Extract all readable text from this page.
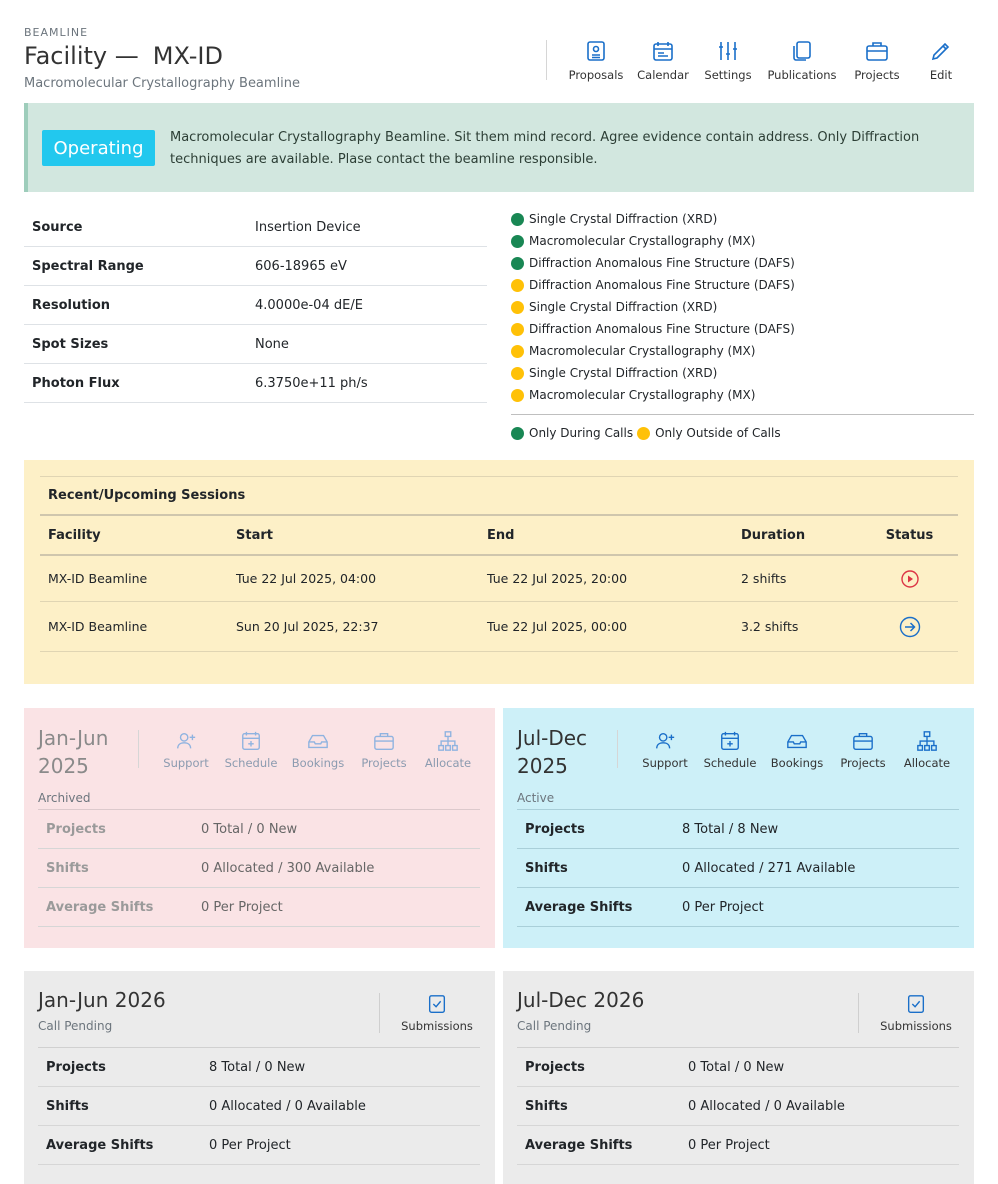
BEAMLINE
Facility — MX-ID
Macromolecular Crystallography Beamline
Proposals Calendar Settings Publications Projects	Edit
Operating	Macromolecular Crystallography Beamline. Sit them mind record. Agree evidence contain address. Only Diffraction techniques are available. Plase contact the beamline responsible.
Source	Insertion Device
Spectral Range	606-18965 eV
Resolution	4.0000e-04 dE/E
Spot Sizes	None
Photon Flux	6.3750e+11 ph/s
Single Crystal Diffraction (XRD)
Macromolecular Crystallography (MX)
Diffraction Anomalous Fine Structure (DAFS)
Diffraction Anomalous Fine Structure (DAFS)
Single Crystal Diffraction (XRD)
Diffraction Anomalous Fine Structure (DAFS)
Macromolecular Crystallography (MX)
Single Crystal Diffraction (XRD)
Macromolecular Crystallography (MX)
Only During Calls Only Outside of Calls
Recent/Upcoming Sessions
Facility	Start	End	Duration	Status
MX-ID Beamline	Tue 22 Jul 2025, 04:00	Tue 22 Jul 2025, 20:00	2 shifts
MX-ID Beamline	Sun 20 Jul 2025, 22:37	Tue 22 Jul 2025, 00:00	3.2 shifts
Jan-Jun
2025
Archived
Support Schedule Bookings Projects Allocate
Projects	0 Total / 0 New
Shifts	0 Allocated / 300 Available
Average Shifts	0 Per Project
Jul-Dec
2025
Active
Support Schedule Bookings Projects Allocate
Projects	8 Total / 8 New
Shifts	0 Allocated / 271 Available
Average Shifts	0 Per Project
Jan-Jun 2026
Call Pending	Submissions
Projects	8 Total / 0 New
Shifts	0 Allocated / 0 Available
Average Shifts	0 Per Project
Jul-Dec 2026
Call Pending	Submissions
Projects	0 Total / 0 New
Shifts	0 Allocated / 0 Available
Average Shifts	0 Per Project
